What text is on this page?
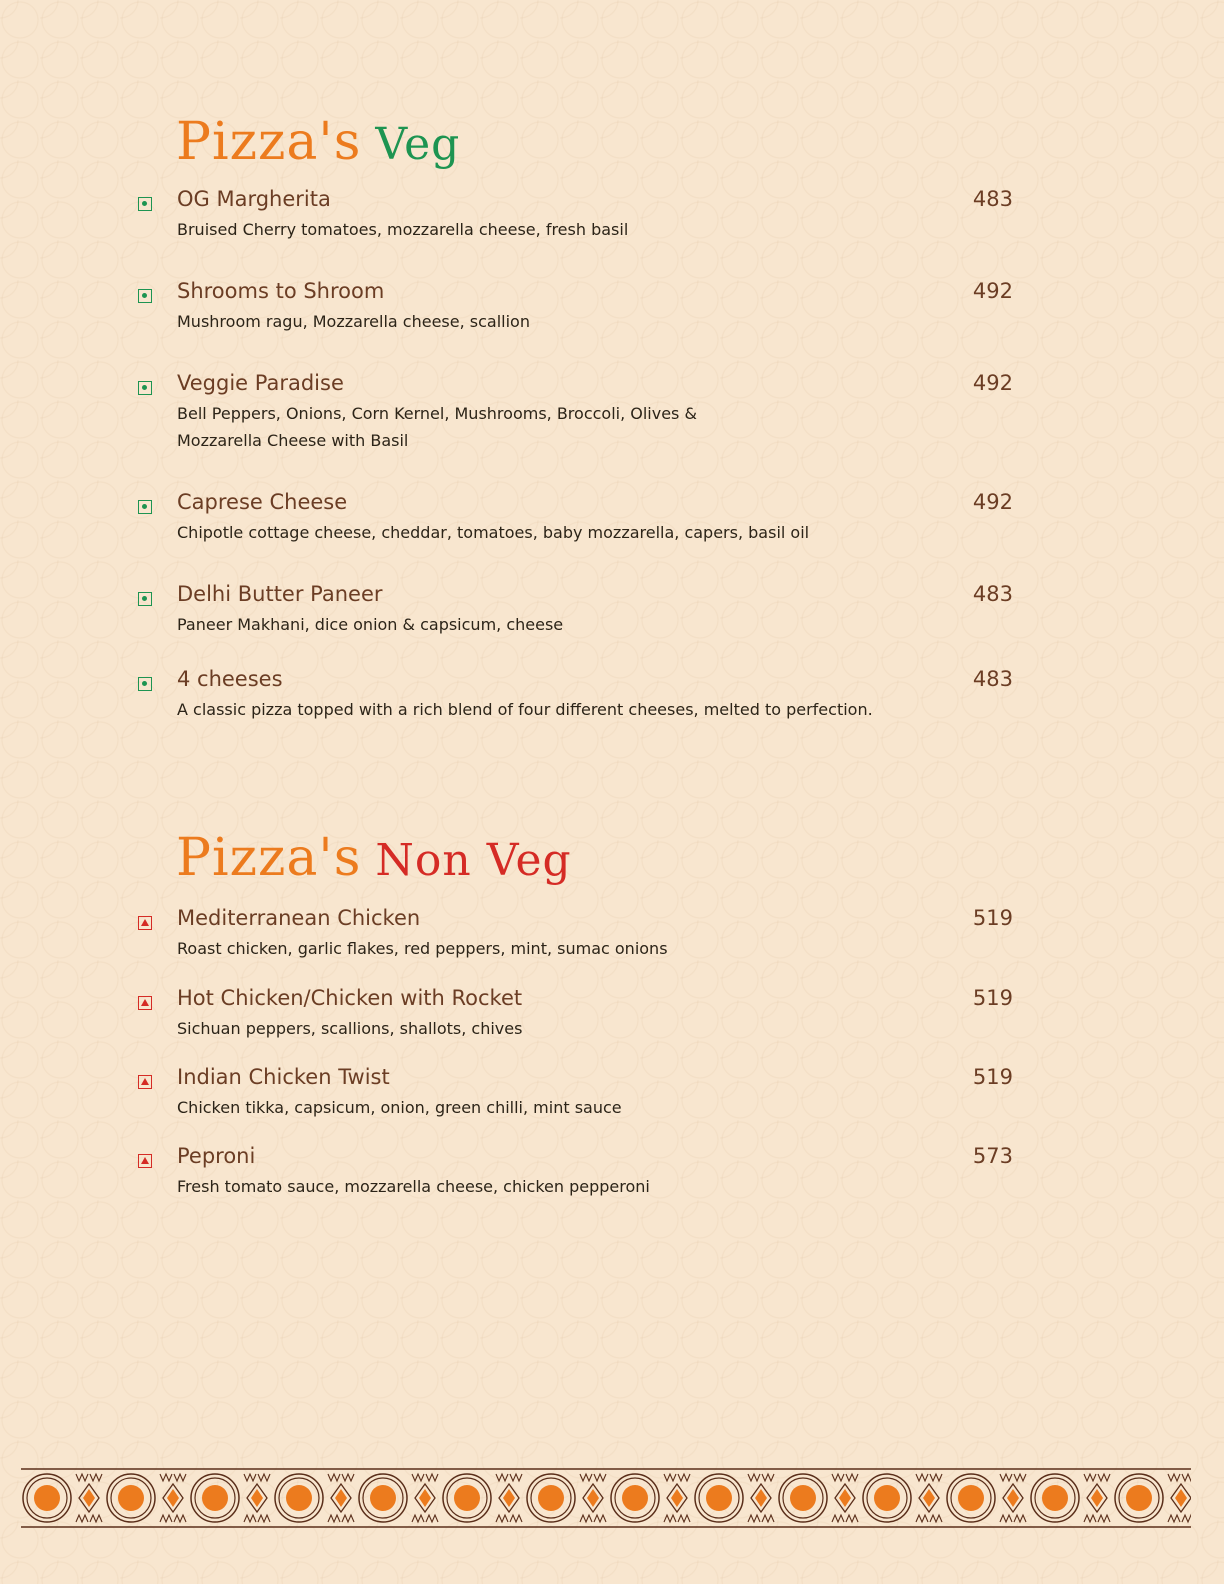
Pizza's Veg
OG Margherita

Bruised Cherry tomatoes, mozzarella cheese, fresh basil

483
Shrooms to Shroom

Mushroom ragu, Mozzarella cheese, scallion

492
Veggie Paradise

Bell Peppers, Onions, Corn Kernel, Mushrooms, Broccoli, Olives & Mozzarella Cheese with Basil

492
Caprese Cheese

Chipotle cottage cheese, cheddar, tomatoes, baby mozzarella, capers, basil oil

492
Delhi Butter Paneer

Paneer Makhani, dice onion & capsicum, cheese

483
4 cheeses

A classic pizza topped with a rich blend of four different cheeses, melted to perfection.

483
Pizza's Non Veg
Mediterranean Chicken

Roast chicken, garlic flakes, red peppers, mint, sumac onions

519
Hot Chicken/Chicken with Rocket

Sichuan peppers, scallions, shallots, chives

519
Indian Chicken Twist

Chicken tikka, capsicum, onion, green chilli, mint sauce

519
Peproni

Fresh tomato sauce, mozzarella cheese, chicken pepperoni

573
